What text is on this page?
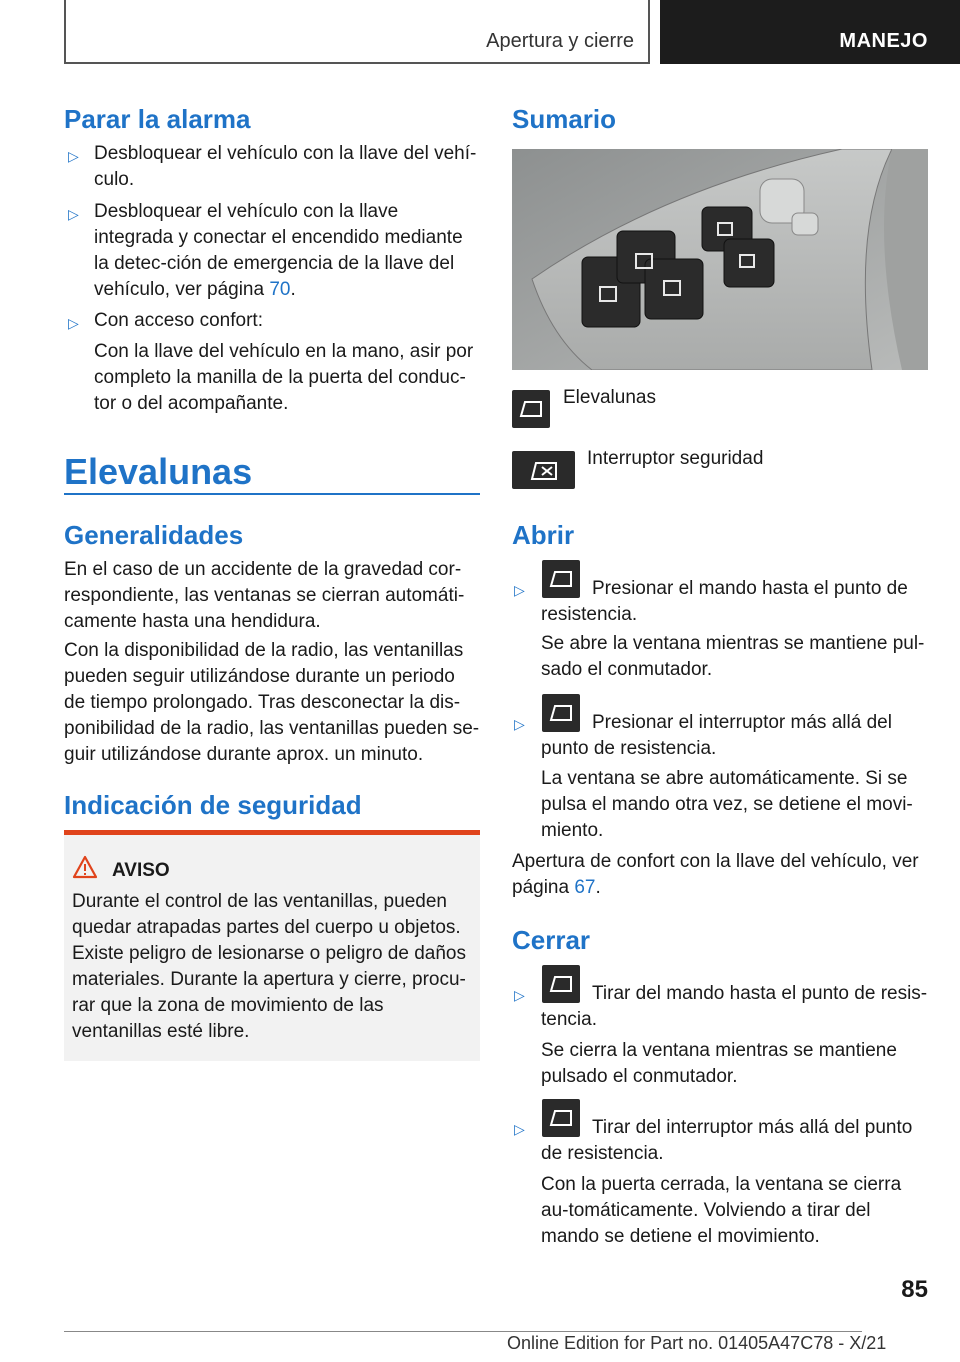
Apertura y cierre	MANEJO
Parar la alarma
▷ Desbloquear el vehículo con la llave del vehí-culo.

▷ Desbloquear el vehículo con la llave integrada y conectar el encendido mediante la detec-ción de emergencia de la llave del vehículo, ver página 70.

▷ Con acceso confort:

Con la llave del vehículo en la mano, asir por completo la manilla de la puerta del conduc-tor o del acompañante.

Elevalunas
Generalidades

En el caso de un accidente de la gravedad cor-respondiente, las ventanas se cierran automáti-camente hasta una hendidura.

Con la disponibilidad de la radio, las ventanillas pueden seguir utilizándose durante un periodo de tiempo prolongado. Tras desconectar la dis-ponibilidad de la radio, las ventanillas pueden se-guir utilizándose durante aprox. un minuto.

Indicación de seguridad
AVISO

Durante el control de las ventanillas, pueden quedar atrapadas partes del cuerpo u objetos. Existe peligro de lesionarse o peligro de daños materiales. Durante la apertura y cierre, procu-rar que la zona de movimiento de las ventanillas esté libre.

Sumario

Elevalunas

Interruptor seguridad

Abrir
▷	Presionar el mando hasta el punto de resistencia.

Se abre la ventana mientras se mantiene pul-sado el conmutador.

▷	Presionar el interruptor más allá del punto de resistencia.

La ventana se abre automáticamente. Si se pulsa el mando otra vez, se detiene el movi-miento.

Apertura de confort con la llave del vehículo, ver página 67.

Cerrar
▷	Tirar del mando hasta el punto de resis-tencia.

Se cierra la ventana mientras se mantiene pulsado el conmutador.

▷	Tirar del interruptor más allá del punto de resistencia.

Con la puerta cerrada, la ventana se cierra au-tomáticamente. Volviendo a tirar del mando se detiene el movimiento.

85
Online Edition for Part no. 01405A47C78 - X/21
